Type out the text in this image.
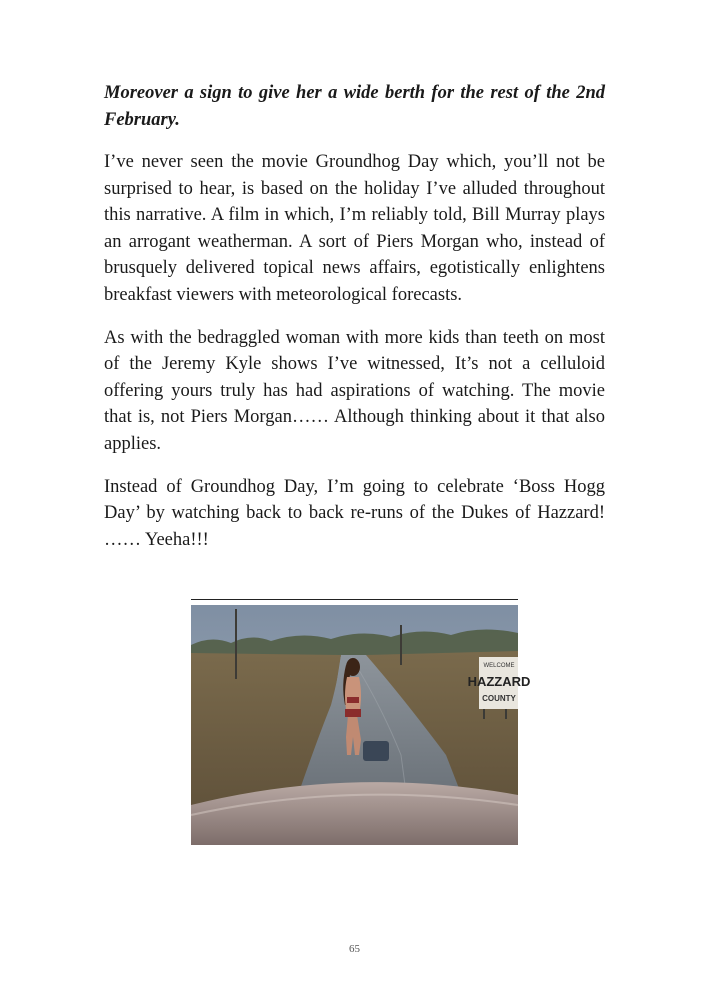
Moreover a sign to give her a wide berth for the rest of the 2nd February.

I’ve never seen the movie Groundhog Day which, you’ll not be surprised to hear, is based on the holiday I’ve alluded throughout this narrative. A film in which, I’m reliably told, Bill Murray plays an arrogant weatherman. A sort of Piers Morgan who, instead of brusquely delivered topical news affairs, egotistically enlightens breakfast viewers with meteorological forecasts.

As with the bedraggled woman with more kids than teeth on most of the Jeremy Kyle shows I’ve witnessed, It’s not a celluloid offering yours truly has had aspirations of watching. The movie that is, not Piers Morgan…… Although thinking about it that also applies.

Instead of Groundhog Day, I’m going to celebrate ‘Boss Hogg Day’ by watching back to back re-runs of the Dukes of Hazzard! …… Yeeha!!!

WELCOME
HAZZARD
COUNTY
65
